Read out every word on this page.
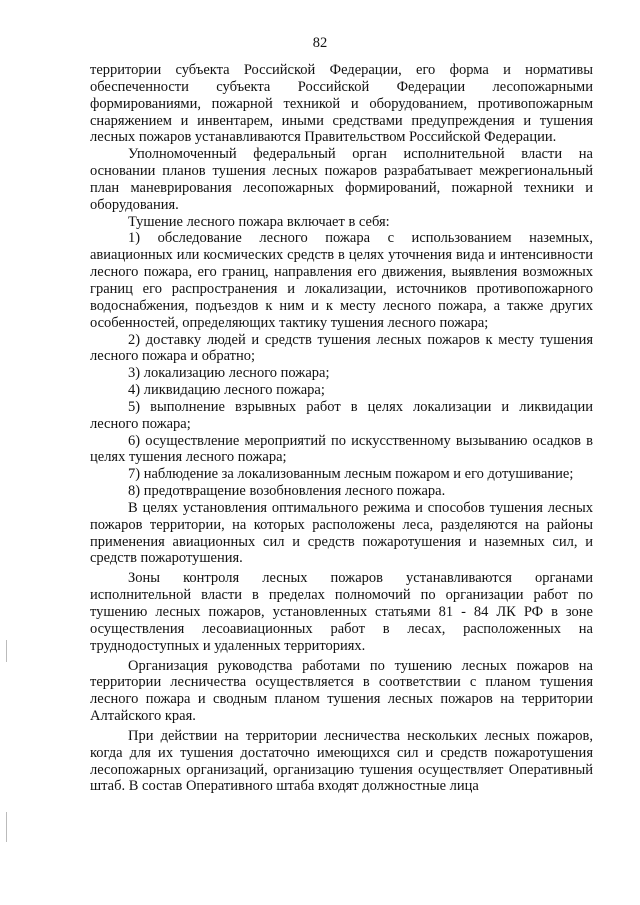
82

территории субъекта Российской Федерации, его форма и нормативы обеспеченности субъекта Российской Федерации лесопожарными формированиями, пожарной техникой и оборудованием, противопожарным снаряжением и инвентарем, иными средствами предупреждения и тушения лесных пожаров устанавливаются Правительством Российской Федерации.

Уполномоченный федеральный орган исполнительной власти на основании планов тушения лесных пожаров разрабатывает межрегиональный план маневрирования лесопожарных формирований, пожарной техники и оборудования.

Тушение лесного пожара включает в себя:

1) обследование лесного пожара с использованием наземных, авиационных или космических средств в целях уточнения вида и интенсивности лесного пожара, его границ, направления его движения, выявления возможных границ его распространения и локализации, источников противопожарного водоснабжения, подъездов к ним и к месту лесного пожара, а также других особенностей, определяющих тактику тушения лесного пожара;

2) доставку людей и средств тушения лесных пожаров к месту тушения лесного пожара и обратно;

3) локализацию лесного пожара;

4) ликвидацию лесного пожара;

5) выполнение взрывных работ в целях локализации и ликвидации лесного пожара;

6) осуществление мероприятий по искусственному вызыванию осадков в целях тушения лесного пожара;

7) наблюдение за локализованным лесным пожаром и его дотушивание;

8) предотвращение возобновления лесного пожара.

В целях установления оптимального режима и способов тушения лесных пожаров территории, на которых расположены леса, разделяются на районы применения авиационных сил и средств пожаротушения и наземных сил, и средств пожаротушения.

Зоны контроля лесных пожаров устанавливаются органами исполнительной власти в пределах полномочий по организации работ по тушению лесных пожаров, установленных статьями 81 - 84 ЛК РФ в зоне осуществления лесоавиационных работ в лесах, расположенных на труднодоступных и удаленных территориях.

Организация руководства работами по тушению лесных пожаров на территории лесничества осуществляется в соответствии с планом тушения лесного пожара и сводным планом тушения лесных пожаров на территории Алтайского края.

При действии на территории лесничества нескольких лесных пожаров, когда для их тушения достаточно имеющихся сил и средств пожаротушения лесопожарных организаций, организацию тушения осуществляет Оперативный штаб. В состав Оперативного штаба входят должностные лица
